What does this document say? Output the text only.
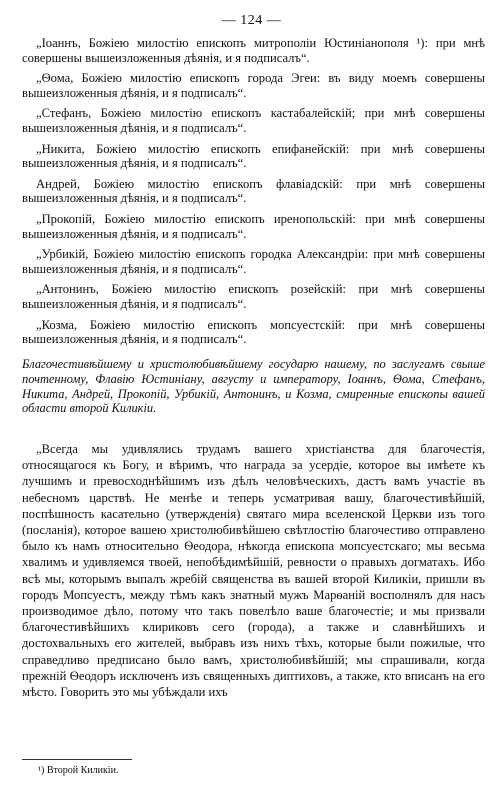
— 124 —

„Іоаннъ, Божіею милостію епископъ митрополіи Юстиніанополя ¹): при мнѣ совершены вышеизложенныя дѣянія, и я подписалъ“.

„Ѳома, Божіею милостію епископъ города Эгеи: въ виду моемъ совершены вышеизложенныя дѣянія, и я подписалъ“.

„Стефанъ, Божіею милостію епископъ кастабалейскій; при мнѣ совершены вышеизложенныя дѣянія, и я подписалъ“.

„Никита, Божіею милостію епископъ епифанейскій: при мнѣ совершены вышеизложенныя дѣянія, и я подписалъ“.

Андрей, Божіею милостію епископъ флавіадскій: при мнѣ совершены вышеизложенныя дѣянія, и я подписалъ“.

„Прокопій, Божіею милостію епископъ иренопольскій: при мнѣ совершены вышеизложенныя дѣянія, и я подписалъ“.

„Урбикій, Божіею милостію епископъ городка Александріи: при мнѣ совершены вышеизложенныя дѣянія, и я подписалъ“.

„Антонинъ, Божіею милостію епископъ розейскій: при мнѣ совершены вышеизложенныя дѣянія, и я подписалъ“.

„Козма, Божіею милостію епископъ мопсуестскій: при мнѣ совершены вышеизложенныя дѣянія, и я подписалъ“.

Благочестивѣйшему и христолюбивѣйшему государю нашему, по заслугамъ свыше почтенному, Флавію Юстиніану, августу и императору, Іоаннъ, Ѳома, Стефанъ, Никита, Андрей, Прокопій, Урбикій, Антонинъ, и Козма, смиренные епископы вашей области второй Киликіи.

„Всегда мы удивлялись трудамъ вашего христіанства для благочестія, относящагося къ Богу, и вѣримъ, что награда за усердіе, которое вы имѣете къ лучшимъ и превосходнѣйшимъ изъ дѣлъ человѣческихъ, дастъ вамъ участіе въ небесномъ царствѣ. Не менѣе и теперь усматривая вашу, благочестивѣйшій, поспѣшность касательно (утвержденія) святаго мира вселенской Церкви изъ того (посланія), которое вашею христолюбивѣйшею свѣтлостію благочестиво отправлено было къ намъ относительно Ѳеодора, нѣкогда епископа мопсуестскаго; мы весьма хвалимъ и удивляемся твоей, непобѣдимѣйшій, ревности о правыхъ догматахъ. Ибо всѣ мы, которымъ выпалъ жребій священства въ вашей второй Киликіи, пришли въ городъ Мопсуестъ, между тѣмъ какъ знатный мужъ Марѳаній восполнялъ для насъ производимое дѣло, потому что такъ повелѣло ваше благочестіе; и мы призвали благочестивѣйшихъ клириковъ сего (города), а также и славнѣйшихъ и достохвальныхъ его жителей, выбравъ изъ нихъ тѣхъ, которые были пожилые, что справедливо предписано было вамъ, христолюбивѣйшій; мы спрашивали, когда прежній Ѳеодоръ исключенъ изъ священныхъ диптиховъ, а также, кто вписанъ на его мѣсто. Говорить это мы убѣждали ихъ

¹) Второй Киликіи.
